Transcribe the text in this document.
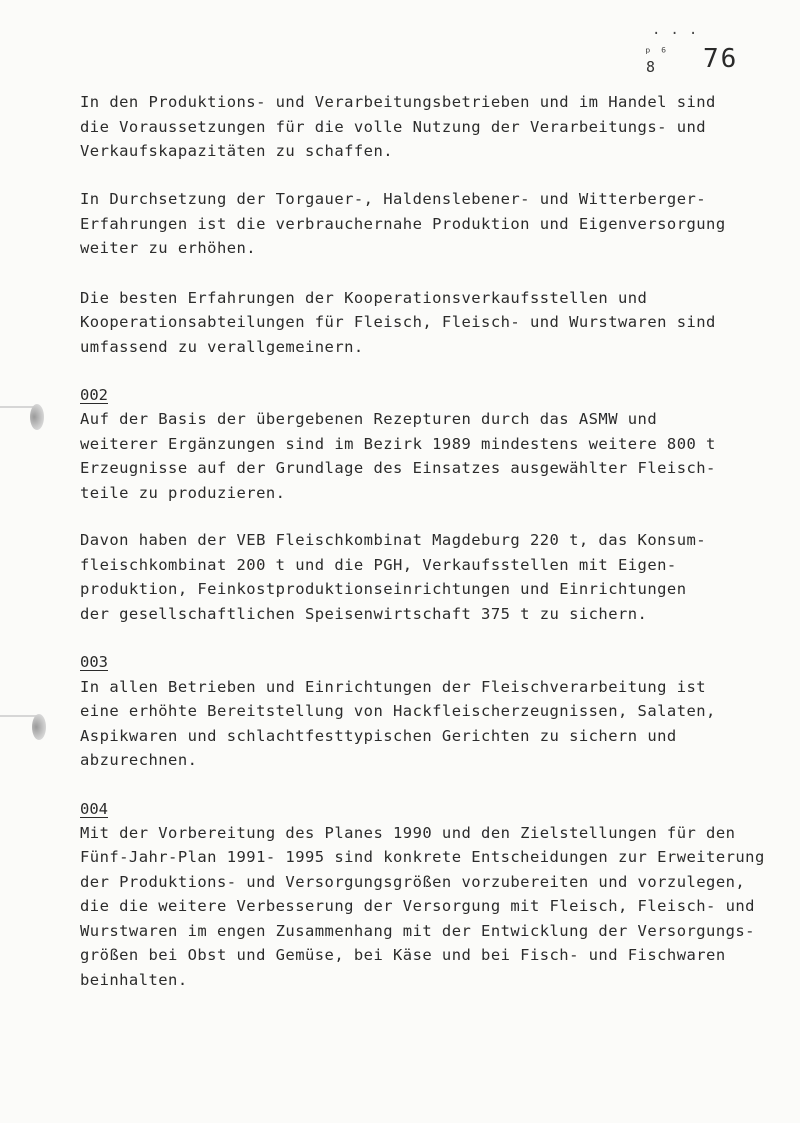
...
ᵖ ⁶
8 76
In den Produktions- und Verarbeitungsbetrieben und im Handel sind
die Voraussetzungen für die volle Nutzung der Verarbeitungs- und
Verkaufskapazitäten zu schaffen.
In Durchsetzung der Torgauer-, Haldenslebener- und Witterberger-
Erfahrungen ist die verbrauchernahe Produktion und Eigenversorgung
weiter zu erhöhen.
Die besten Erfahrungen der Kooperationsverkaufsstellen und
Kooperationsabteilungen für Fleisch, Fleisch- und Wurstwaren sind
umfassend zu verallgemeinern.
002
Auf der Basis der übergebenen Rezepturen durch das ASMW und
weiterer Ergänzungen sind im Bezirk 1989 mindestens weitere 800 t
Erzeugnisse auf der Grundlage des Einsatzes ausgewählter Fleisch-
teile zu produzieren.
Davon haben der VEB Fleischkombinat Magdeburg 220 t, das Konsum-
fleischkombinat 200 t und die PGH, Verkaufsstellen mit Eigen-
produktion, Feinkostproduktionseinrichtungen und Einrichtungen
der gesellschaftlichen Speisenwirtschaft 375 t zu sichern.
003
In allen Betrieben und Einrichtungen der Fleischverarbeitung ist
eine erhöhte Bereitstellung von Hackfleischerzeugnissen, Salaten,
Aspikwaren und schlachtfesttypischen Gerichten zu sichern und
abzurechnen.
004
Mit der Vorbereitung des Planes 1990 und den Zielstellungen für den
Fünf-Jahr-Plan 1991- 1995 sind konkrete Entscheidungen zur Erweiterung
der Produktions- und Versorgungsgrößen vorzubereiten und vorzulegen,
die die weitere Verbesserung der Versorgung mit Fleisch, Fleisch- und
Wurstwaren im engen Zusammenhang mit der Entwicklung der Versorgungs-
größen bei Obst und Gemüse, bei Käse und bei Fisch- und Fischwaren
beinhalten.
